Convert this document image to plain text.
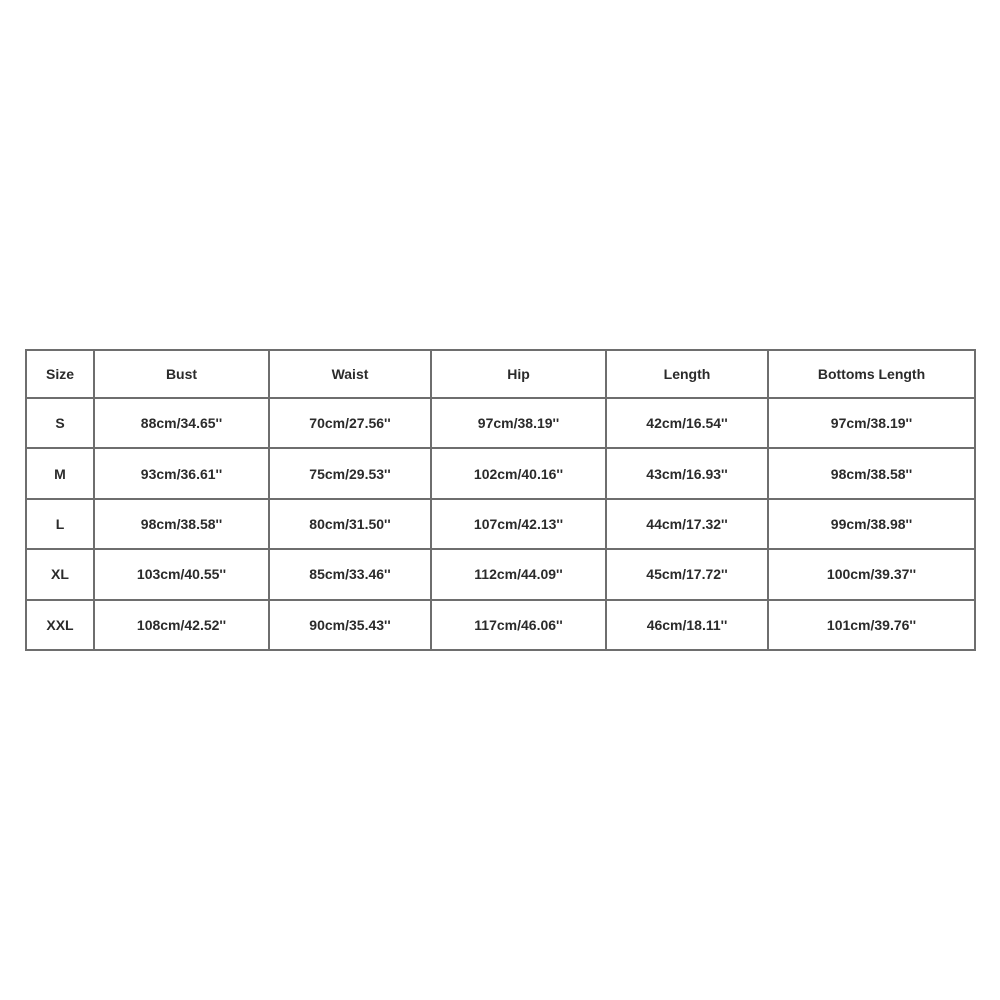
Size	Bust	Waist	Hip	Length	Bottoms Length
S	88cm/34.65''	70cm/27.56''	97cm/38.19''	42cm/16.54''	97cm/38.19''
M	93cm/36.61''	75cm/29.53''	102cm/40.16''	43cm/16.93''	98cm/38.58''
L	98cm/38.58''	80cm/31.50''	107cm/42.13''	44cm/17.32''	99cm/38.98''
XL	103cm/40.55''	85cm/33.46''	112cm/44.09''	45cm/17.72''	100cm/39.37''
XXL	108cm/42.52''	90cm/35.43''	117cm/46.06''	46cm/18.11''	101cm/39.76''
